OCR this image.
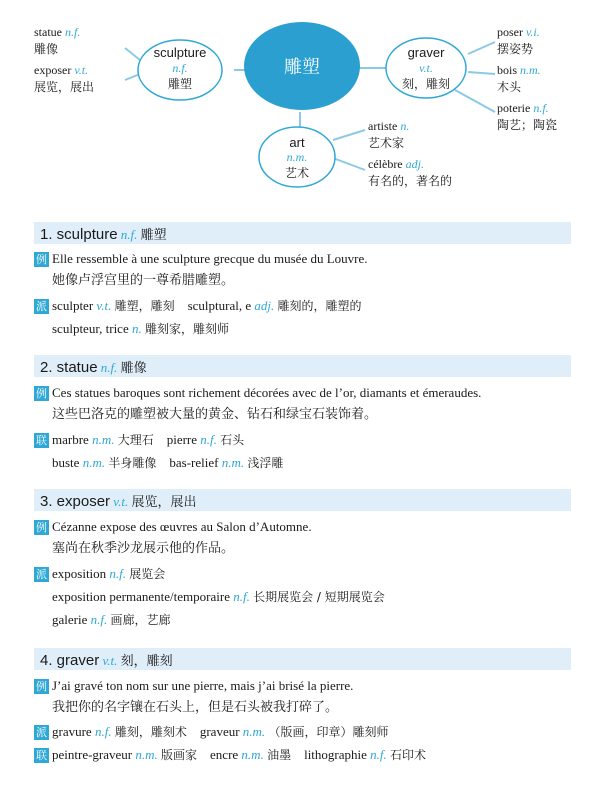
雕塑
sculpture
n.f.
雕塑
graver
v.t.
刻，雕刻
art
n.m.
艺术
statue n.f.
雕像
exposer v.t.
展览，展出
poser v.i.
摆姿势
bois n.m.
木头
poterie n.f.
陶艺；陶瓷
artiste n.
艺术家
célèbre adj.
有名的，著名的
1. sculpture n.f. 雕塑
例 Elle ressemble à une sculpture grecque du musée du Louvre.
她像卢浮宫里的一尊希腊雕塑。
派 sculpter v.t. 雕塑，雕刻 sculptural, e adj. 雕刻的，雕塑的
sculpteur, trice n. 雕刻家，雕刻师
2. statue n.f. 雕像
例 Ces statues baroques sont richement décorées avec de l’or, diamants et émeraudes.
这些巴洛克的雕塑被大量的黄金、钻石和绿宝石装饰着。
联 marbre n.m. 大理石 pierre n.f. 石头
buste n.m. 半身雕像 bas-relief n.m. 浅浮雕
3. exposer v.t. 展览，展出
例 Cézanne expose des œuvres au Salon d’Automne.
塞尚在秋季沙龙展示他的作品。
派 exposition n.f. 展览会
exposition permanente/temporaire n.f. 长期展览会 / 短期展览会
galerie n.f. 画廊，艺廊
4. graver v.t. 刻，雕刻
例 J’ai gravé ton nom sur une pierre, mais j’ai brisé la pierre.
我把你的名字镶在石头上，但是石头被我打碎了。
派 gravure n.f. 雕刻，雕刻术 graveur n.m. （版画，印章）雕刻师
联 peintre-graveur n.m. 版画家 encre n.m. 油墨 lithographie n.f. 石印术
